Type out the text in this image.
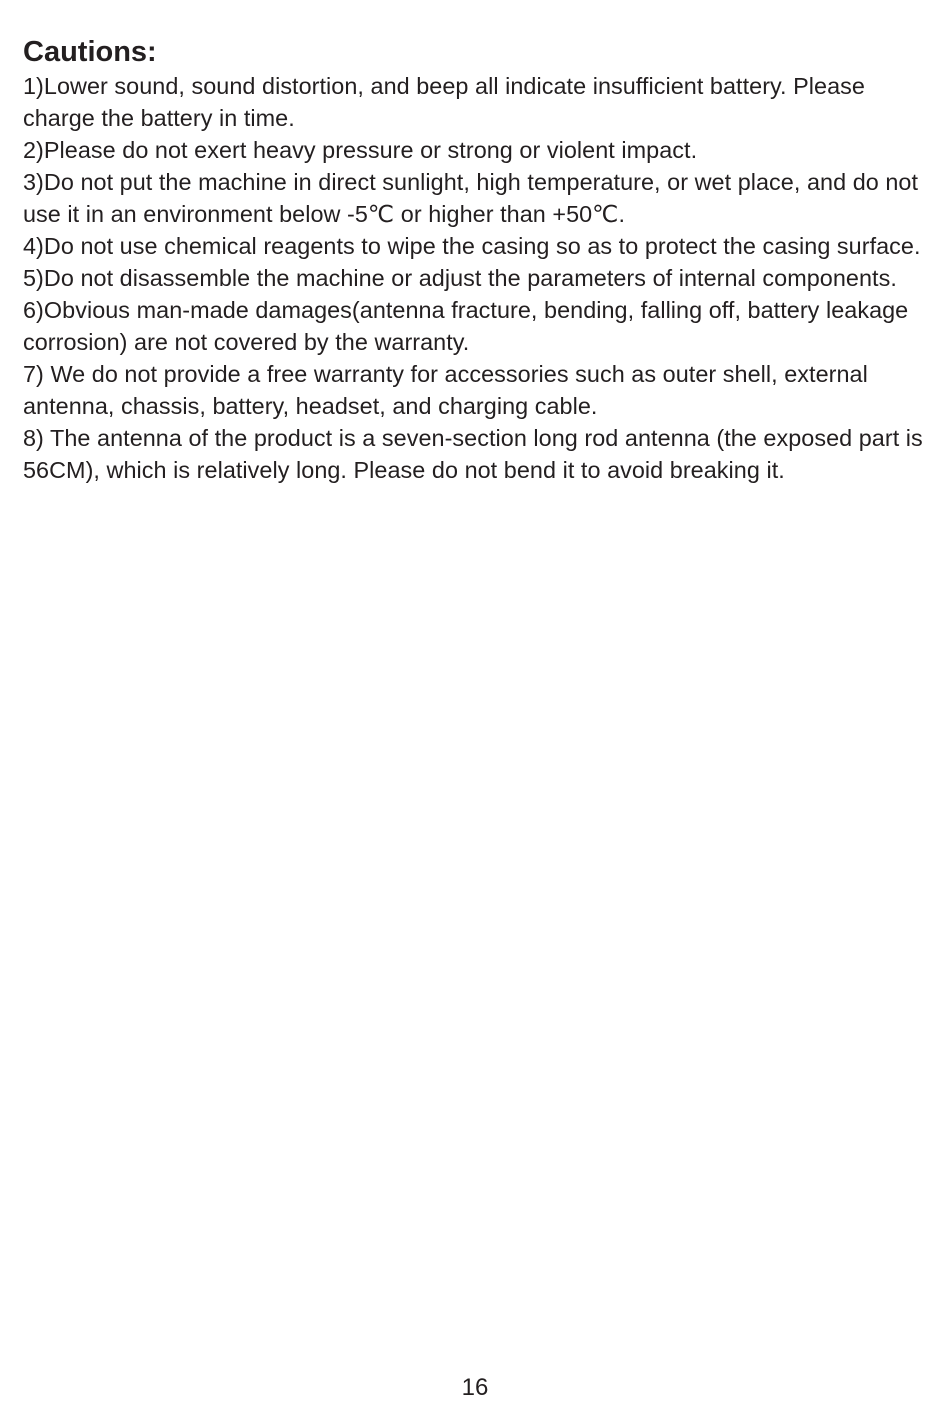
Cautions:
1)Lower sound, sound distortion, and beep all indicate insufficient battery. Please charge the battery in time.
2)Please do not exert heavy pressure or strong or violent impact.
3)Do not put the machine in direct sunlight, high temperature, or wet place, and do not use it in an environment below -5℃ or higher than +50℃.
4)Do not use chemical reagents to wipe the casing so as to protect the casing surface.
5)Do not disassemble the machine or adjust the parameters of internal components.
6)Obvious man-made damages(antenna fracture, bending, falling off, battery leakage corrosion) are not covered by the warranty.
7) We do not provide a free warranty for accessories such as outer shell, external antenna, chassis, battery, headset, and charging cable.
8) The antenna of the product is a seven-section long rod antenna (the exposed part is 56CM), which is relatively long. Please do not bend it to avoid breaking it.
16
